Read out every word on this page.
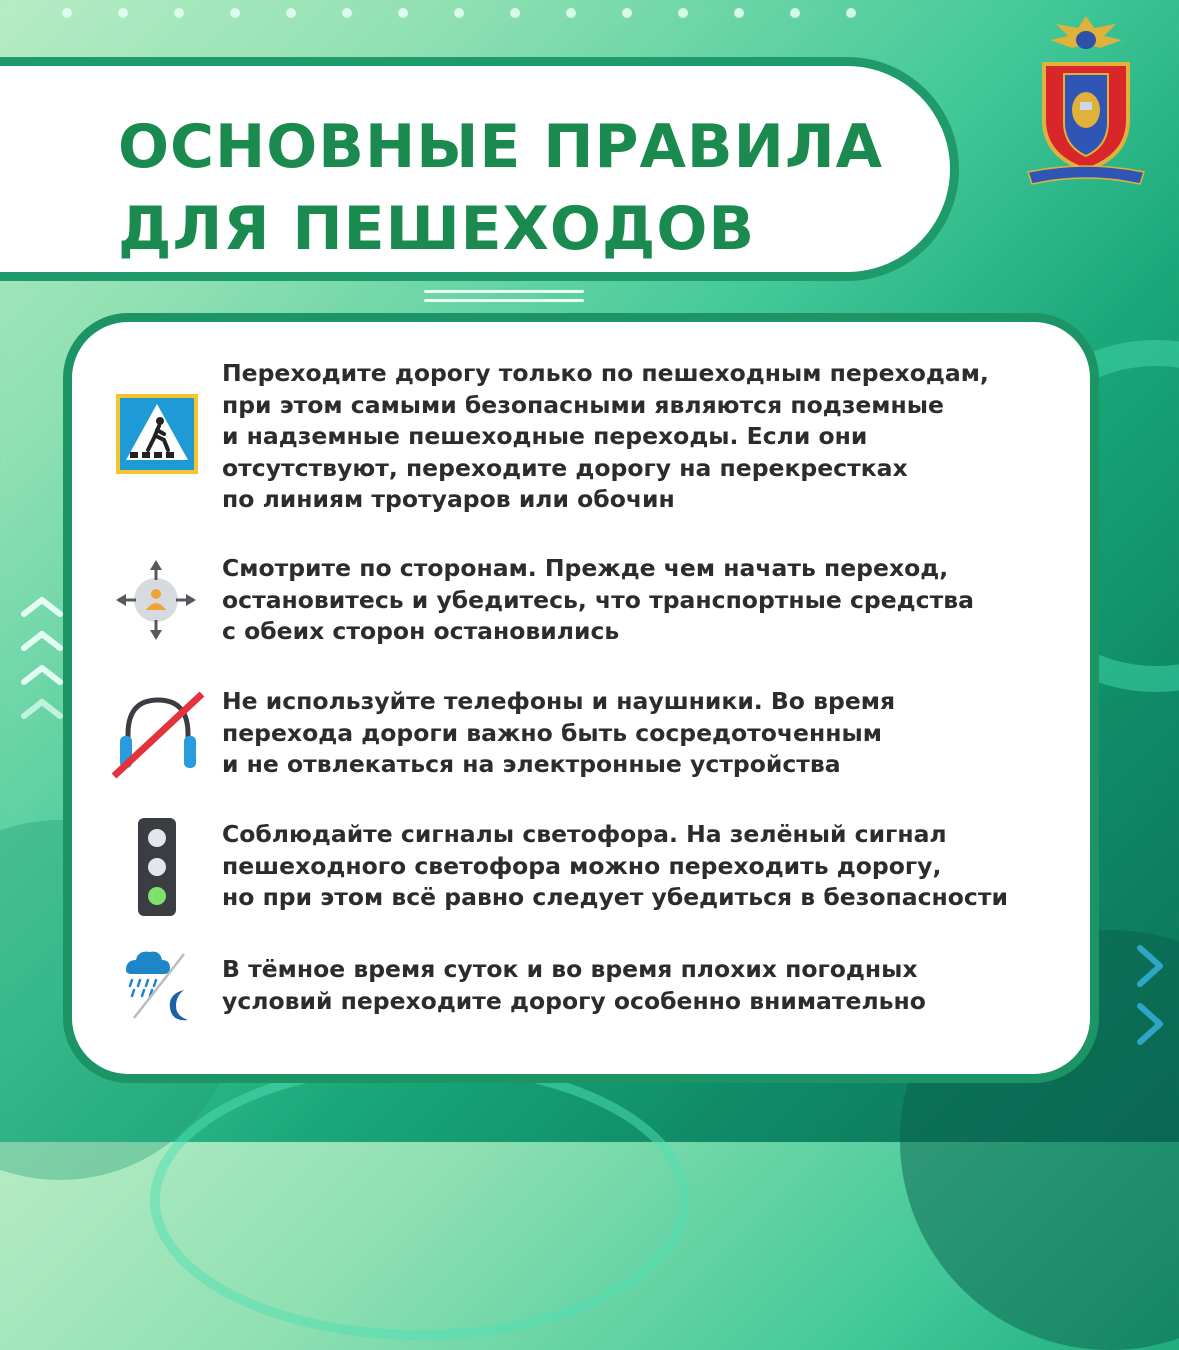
ОСНОВНЫЕ ПРАВИЛА
ДЛЯ ПЕШЕХОДОВ
Переходите дорогу только по пешеходным переходам,
при этом самыми безопасными являются подземные
и надземные пешеходные переходы. Если они
отсутствуют, переходите дорогу на перекрестках
по линиям тротуаров или обочин
Смотрите по сторонам. Прежде чем начать переход,
остановитесь и убедитесь, что транспортные средства
с обеих сторон остановились
Не используйте телефоны и наушники. Во время
перехода дороги важно быть сосредоточенным
и не отвлекаться на электронные устройства
Соблюдайте сигналы светофора. На зелёный сигнал
пешеходного светофора можно переходить дорогу,
но при этом всё равно следует убедиться в безопасности
В тёмное время суток и во время плохих погодных
условий переходите дорогу особенно внимательно
